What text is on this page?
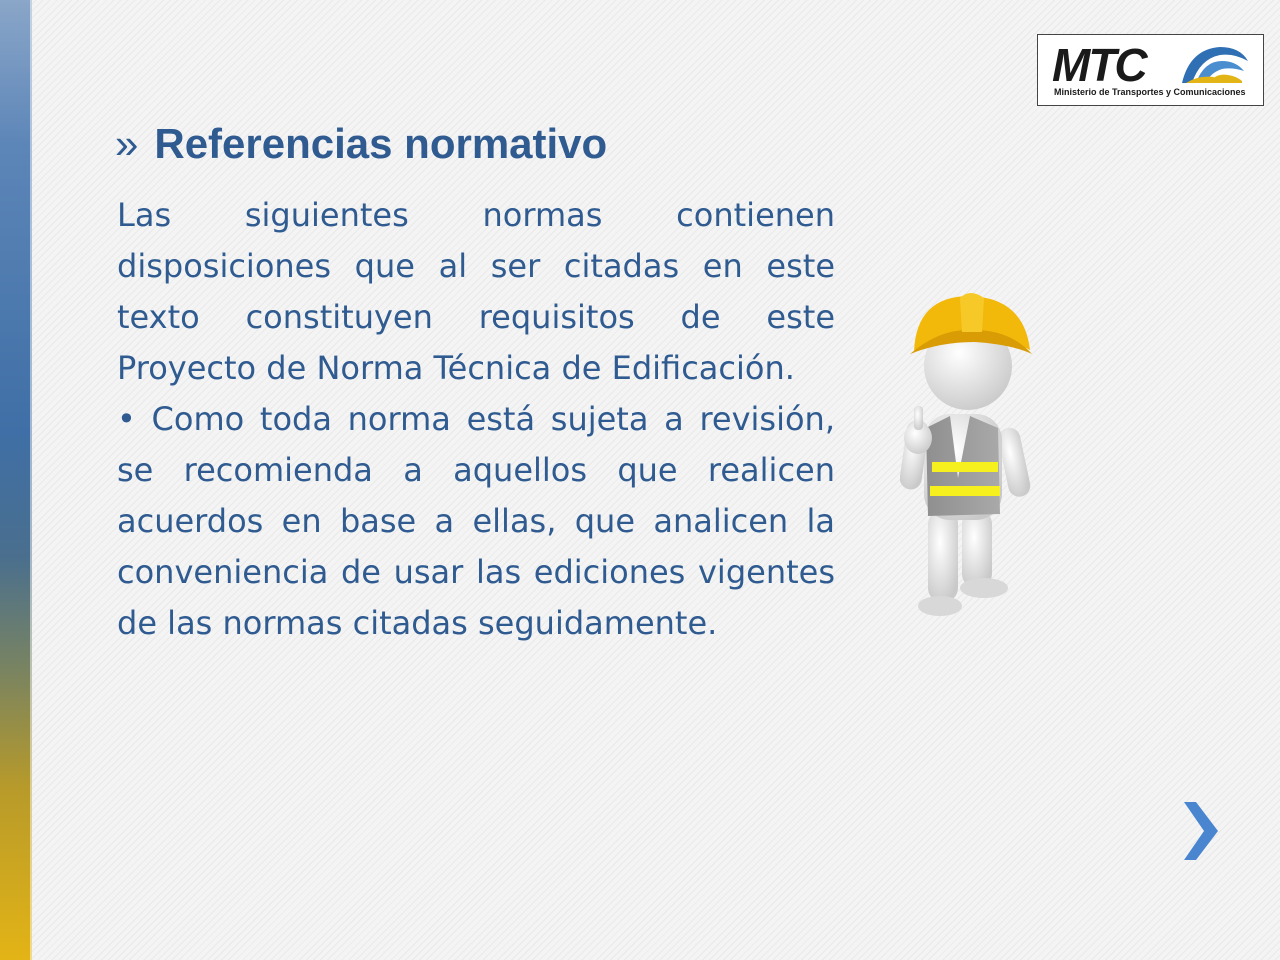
MTC
Ministerio de Transportes y Comunicaciones
» Referencias normativo

Las siguientes normas contienen disposiciones que al ser citadas en este texto constituyen requisitos de este Proyecto de Norma Técnica de Edificación.

• Como toda norma está sujeta a revisión, se recomienda a aquellos que realicen acuerdos en base a ellas, que analicen la conveniencia de usar las ediciones vigentes de las normas citadas seguidamente.
